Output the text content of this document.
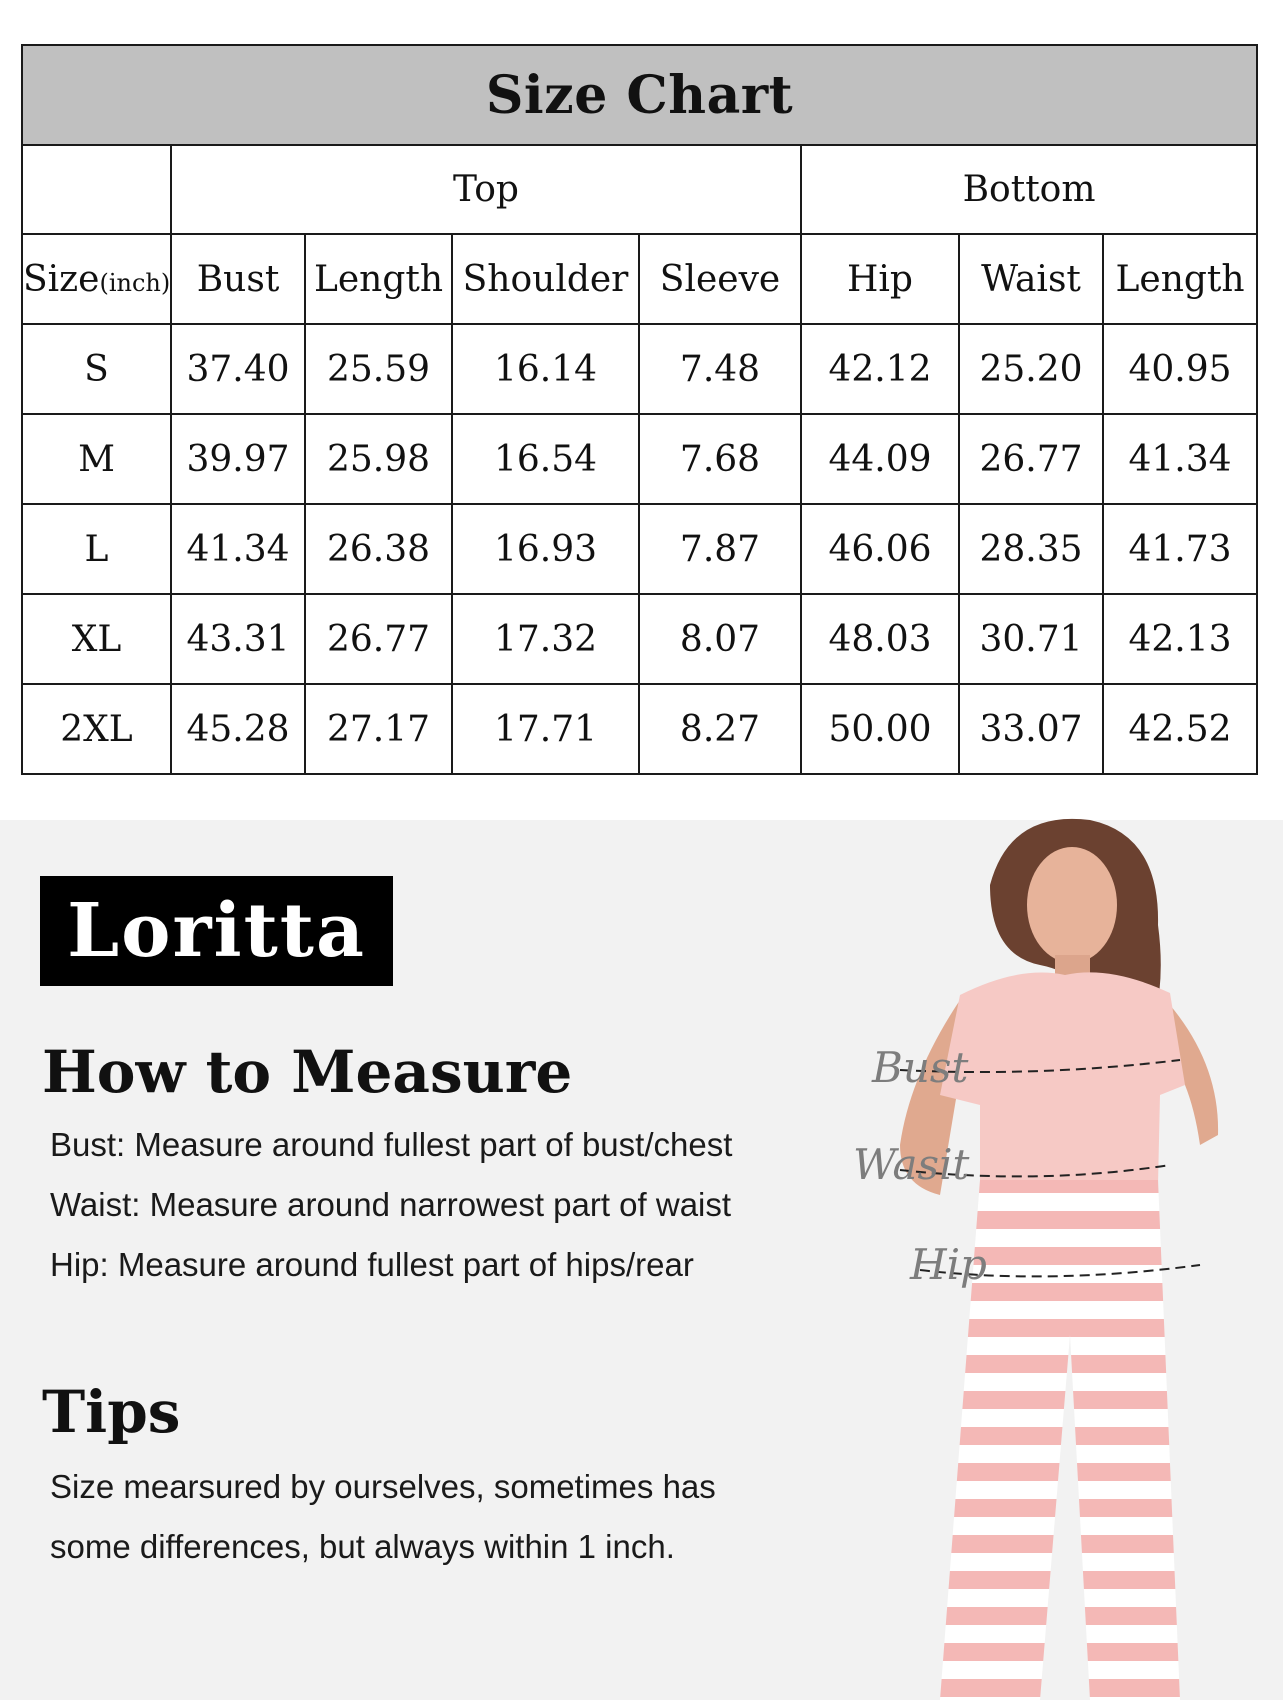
Size Chart							
	Top				Bottom		
Size(inch)	Bust	Length	Shoulder	Sleeve	Hip	Waist	Length
S	37.40	25.59	16.14	7.48	42.12	25.20	40.95
M	39.97	25.98	16.54	7.68	44.09	26.77	41.34
L	41.34	26.38	16.93	7.87	46.06	28.35	41.73
XL	43.31	26.77	17.32	8.07	48.03	30.71	42.13
2XL	45.28	27.17	17.71	8.27	50.00	33.07	42.52
Loritta
How to Measure
Bust: Measure around fullest part of bust/chest
Waist: Measure around narrowest part of waist
Hip: Measure around fullest part of hips/rear
Tips
Size mearsured by ourselves, sometimes has
some differences, but always within 1 inch.
Bust
Wasit
Hip
